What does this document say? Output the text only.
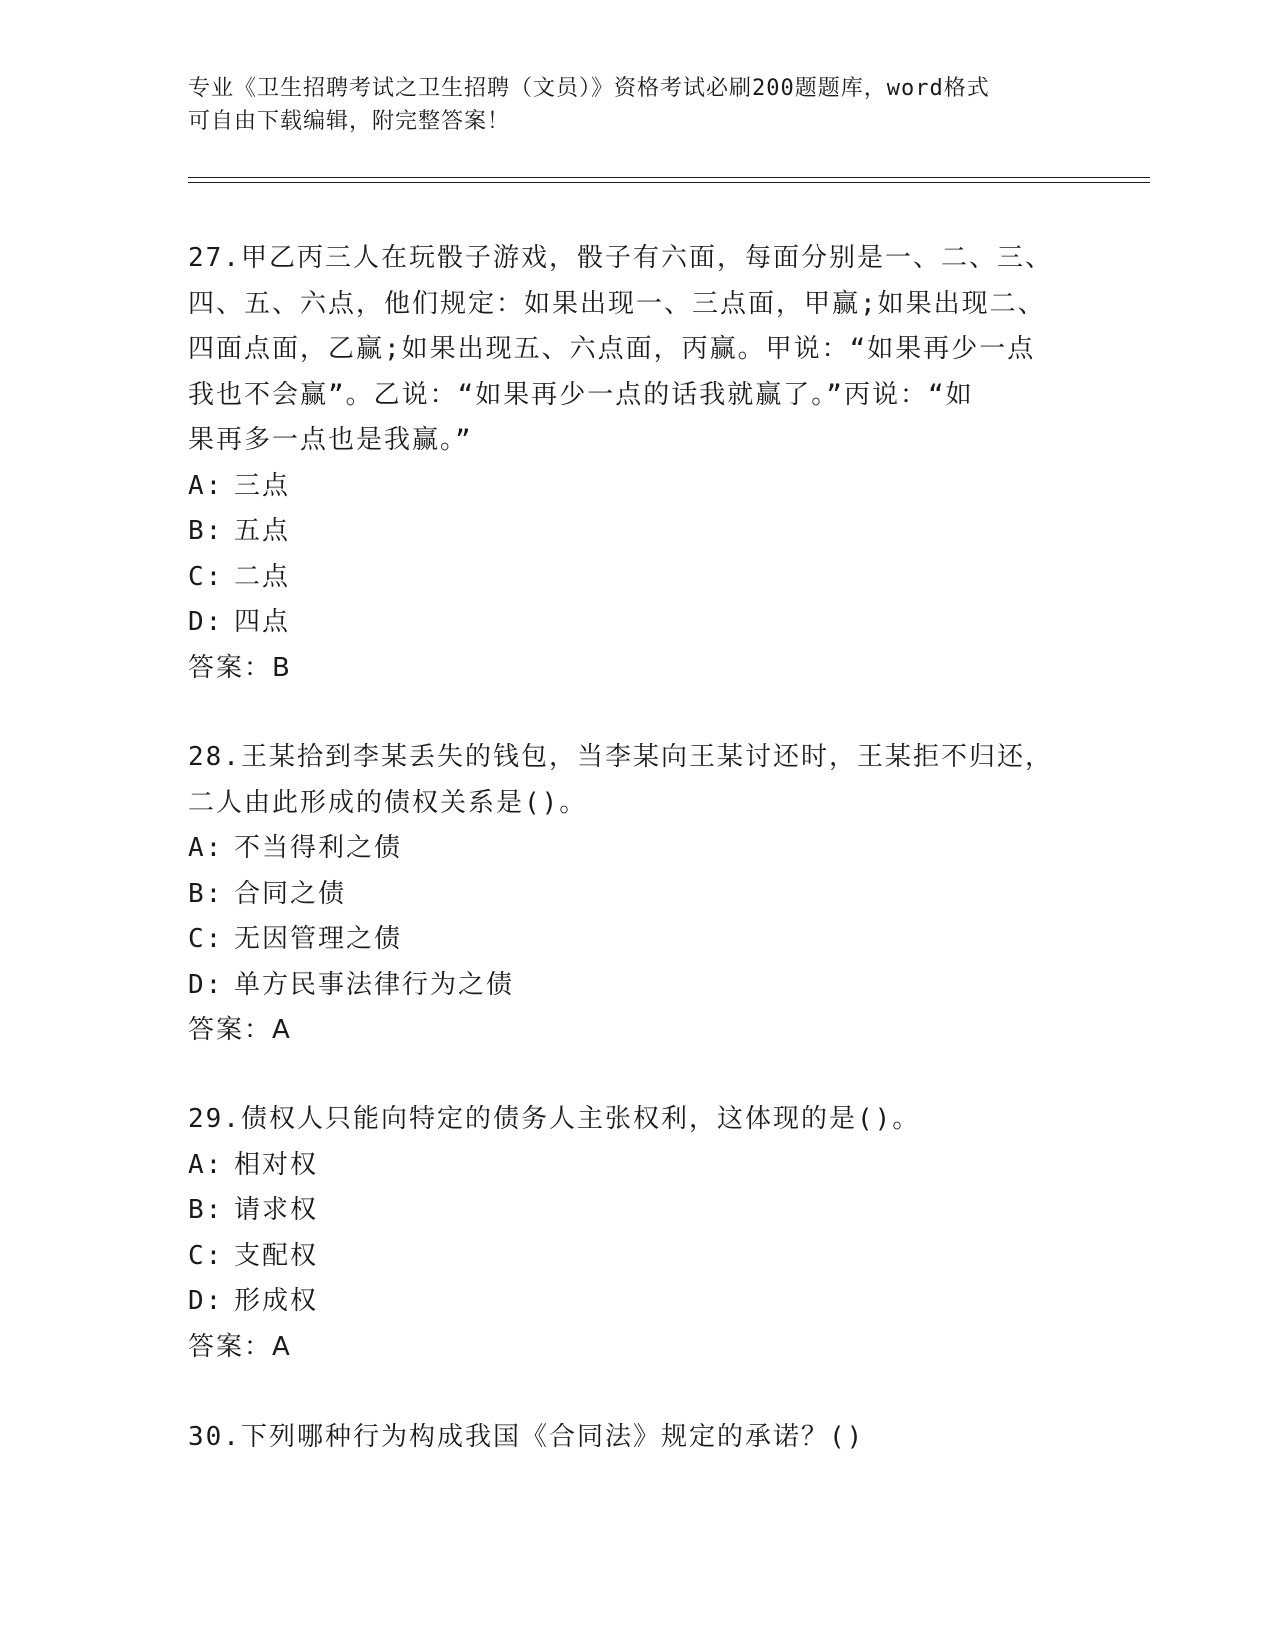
专业《卫生招聘考试之卫生招聘（文员）》资格考试必刷200题题库，word格式
可自由下载编辑，附完整答案！

27.甲乙丙三人在玩骰子游戏，骰子有六面，每面分别是一、二、三、

四、五、六点，他们规定：如果出现一、三点面，甲赢;如果出现二、

四面点面，乙赢;如果出现五、六点面，丙赢。甲说：“如果再少一点

我也不会赢”。乙说：“如果再少一点的话我就赢了。”丙说：“如

果再多一点也是我赢。”

A: 三点

B: 五点

C: 二点

D: 四点

答案：B

28.王某拾到李某丢失的钱包，当李某向王某讨还时，王某拒不归还，

二人由此形成的债权关系是()。

A: 不当得利之债

B: 合同之债

C: 无因管理之债

D: 单方民事法律行为之债

答案：A

29.债权人只能向特定的债务人主张权利，这体现的是()。

A: 相对权

B: 请求权

C: 支配权

D: 形成权

答案：A

30.下列哪种行为构成我国《合同法》规定的承诺？()
